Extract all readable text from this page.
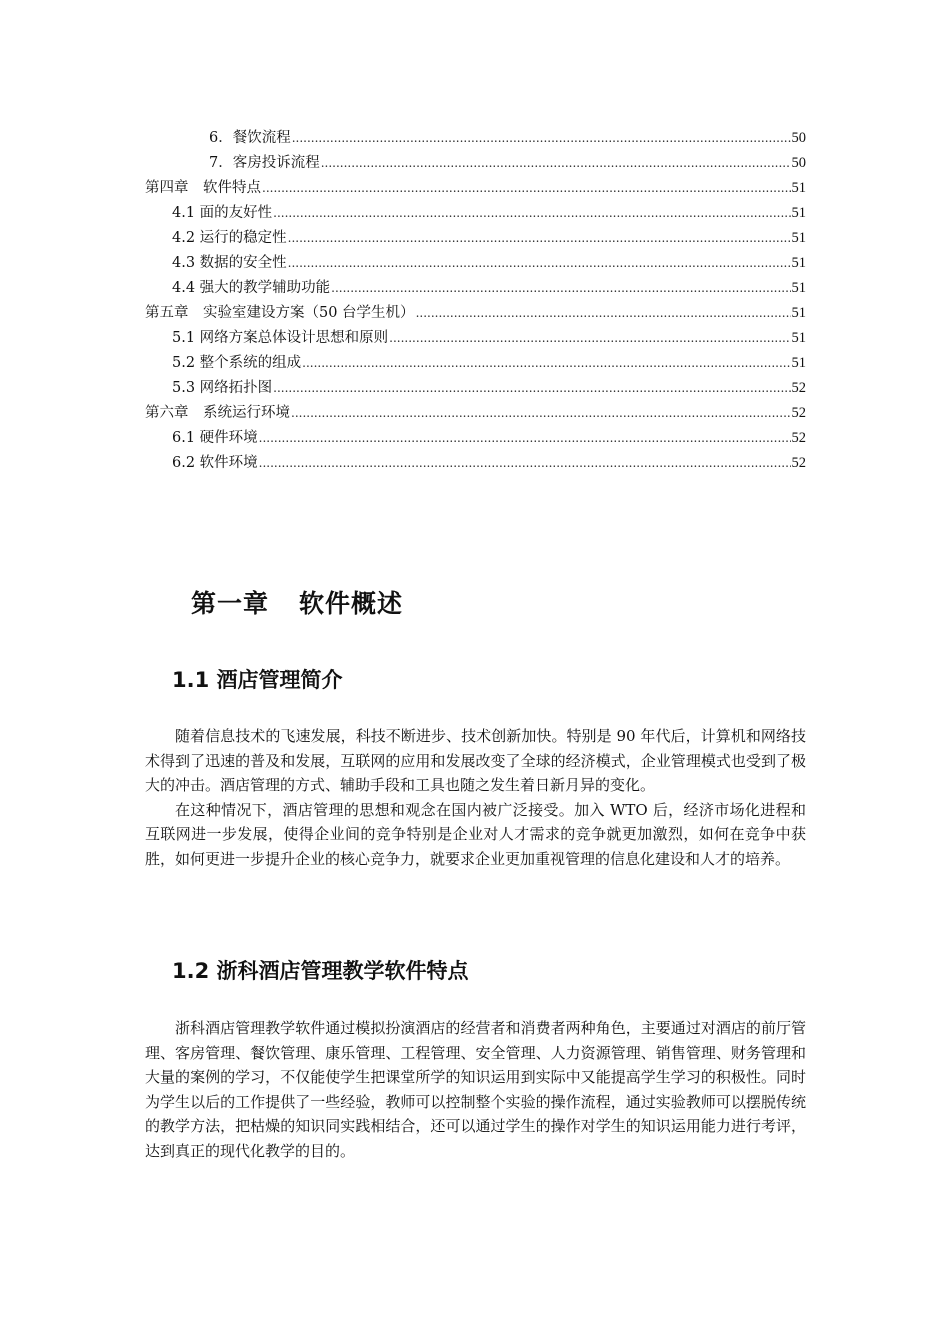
6．餐饮流程 .....	50
7．客房投诉流程 .....	50
第四章　软件特点 .....	51
4.1 面的友好性 .....	51
4.2 运行的稳定性 .....	51
4.3 数据的安全性 .....	51
4.4 强大的教学辅助功能 .....	51
第五章　实验室建设方案（50 台学生机） .....	51
5.1 网络方案总体设计思想和原则 .....	51
5.2 整个系统的组成 .....	51
5.3 网络拓扑图 .....	52
第六章　系统运行环境 .....	52
6.1 硬件环境 .....	52
6.2 软件环境 .....	52
第一章 软件概述
1.1 酒店管理简介

随着信息技术的飞速发展，科技不断进步、技术创新加快。特别是 90 年代后，计算机和网络技术得到了迅速的普及和发展，互联网的应用和发展改变了全球的经济模式，企业管理模式也受到了极大的冲击。酒店管理的方式、辅助手段和工具也随之发生着日新月异的变化。

在这种情况下，酒店管理的思想和观念在国内被广泛接受。加入 WTO 后，经济市场化进程和互联网进一步发展，使得企业间的竞争特别是企业对人才需求的竞争就更加激烈，如何在竞争中获胜，如何更进一步提升企业的核心竞争力，就要求企业更加重视管理的信息化建设和人才的培养。

1.2 浙科酒店管理教学软件特点

浙科酒店管理教学软件通过模拟扮演酒店的经营者和消费者两种角色，主要通过对酒店的前厅管理、客房管理、餐饮管理、康乐管理、工程管理、安全管理、人力资源管理、销售管理、财务管理和大量的案例的学习，不仅能使学生把课堂所学的知识运用到实际中又能提高学生学习的积极性。同时为学生以后的工作提供了一些经验，教师可以控制整个实验的操作流程，通过实验教师可以摆脱传统的教学方法，把枯燥的知识同实践相结合，还可以通过学生的操作对学生的知识运用能力进行考评，达到真正的现代化教学的目的。
